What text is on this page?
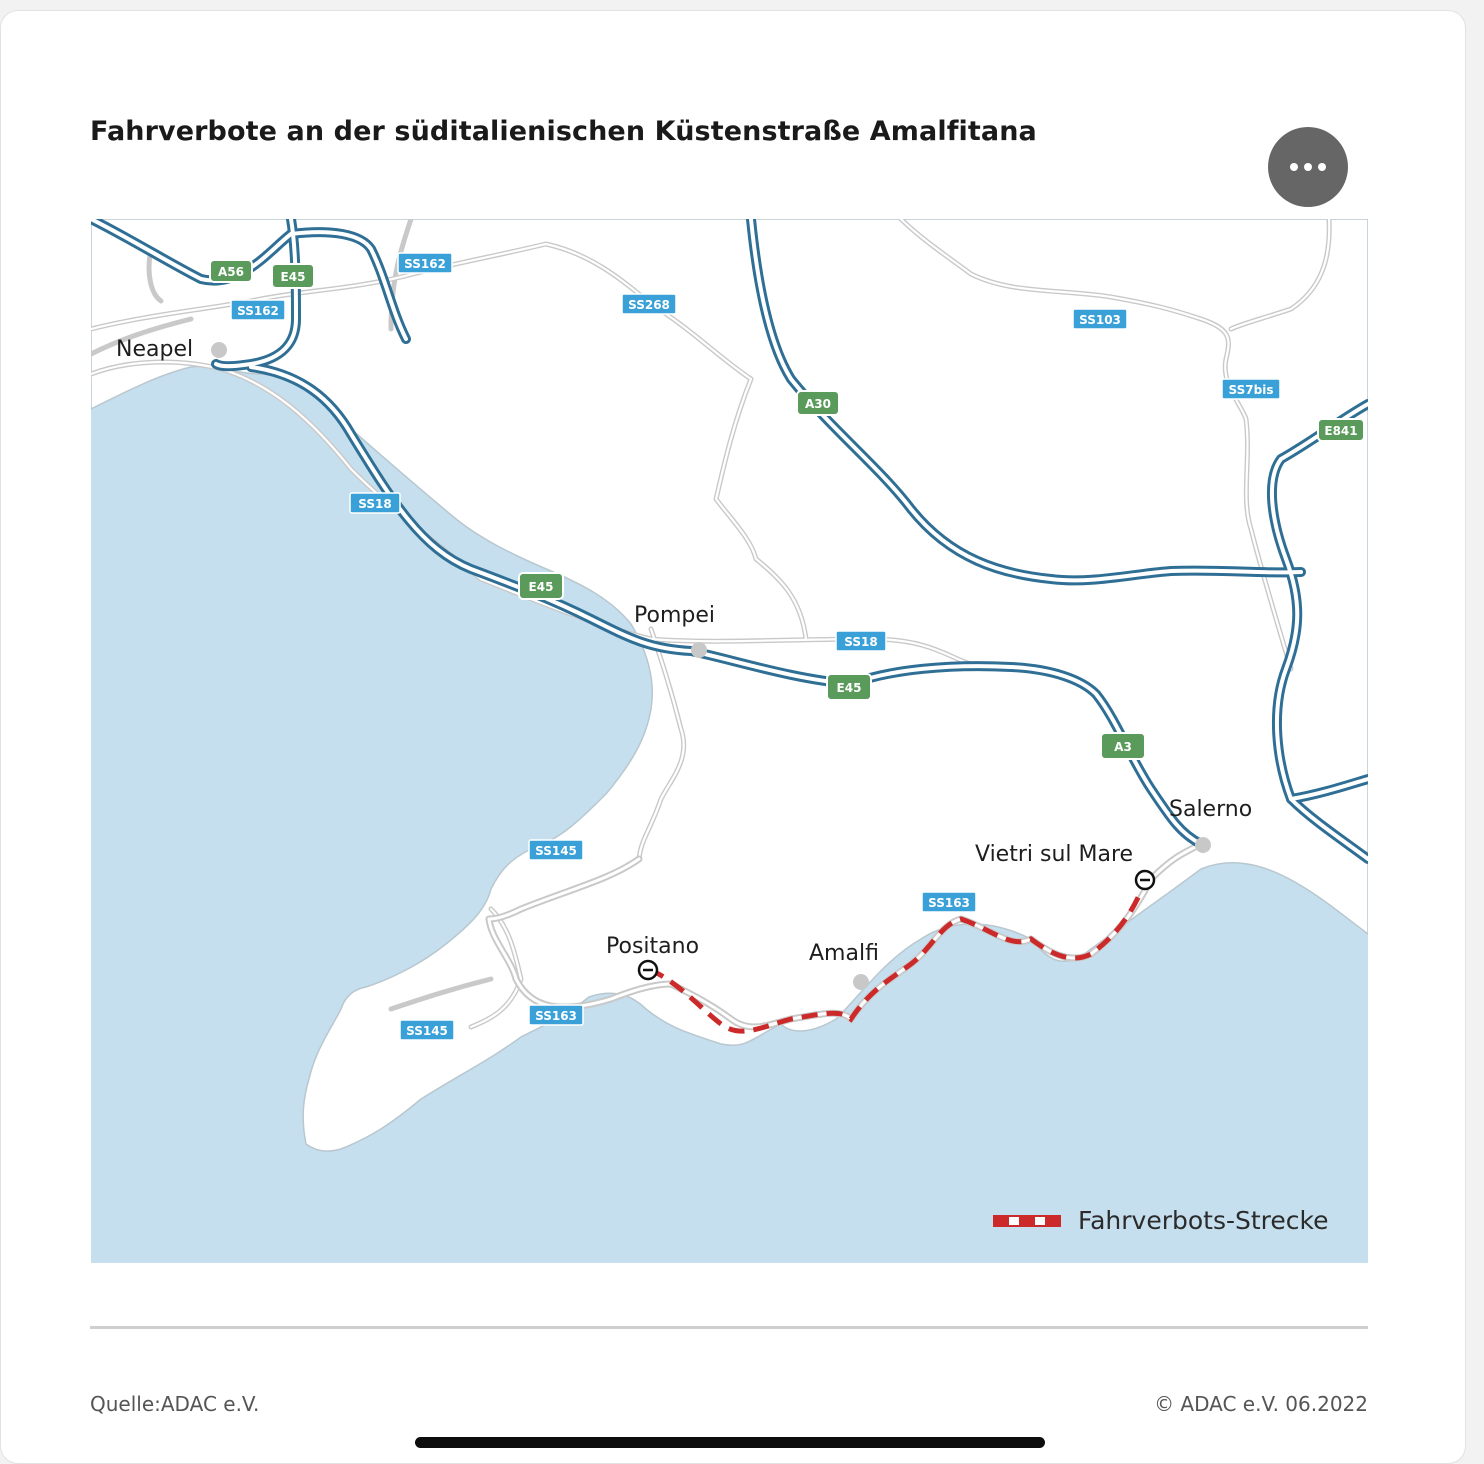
Fahrverbote an der süditalienischen Küstenstraße Amalfitana
Neapel
Pompei
Salerno
Vietri sul Mare
Positano	Amalfi
SS162
SS162	SS268
SS103
SS7bis
SS18
SS18
SS145
SS145
SS163
SS163
A56	E45
A30
E841
E45
E45
A3
Fahrverbots-Strecke
Quelle:ADAC e.V.	© ADAC e.V. 06.2022
